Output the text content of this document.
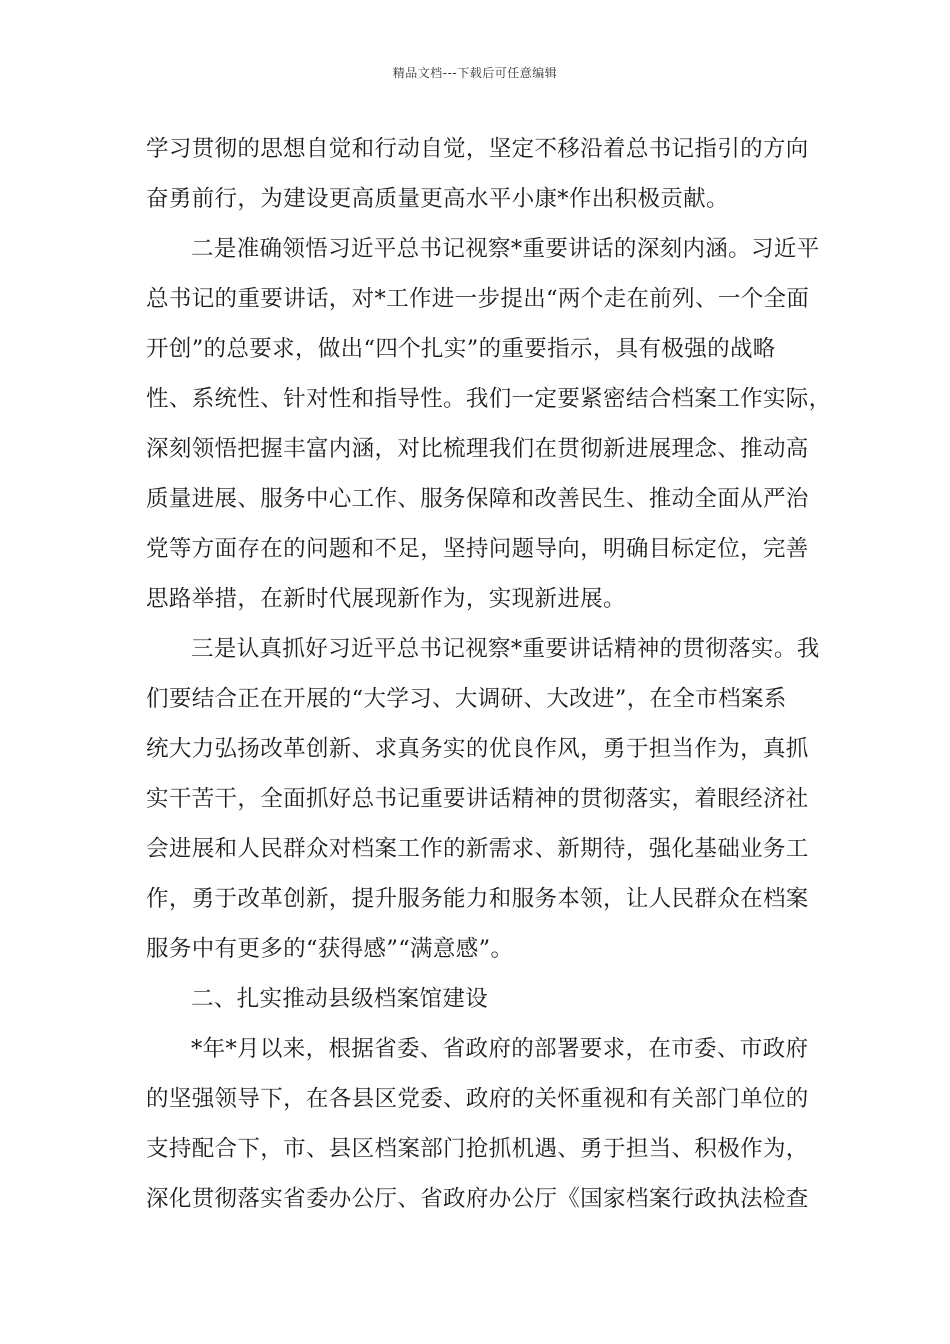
精品文档---下载后可任意编辑
学习贯彻的思想自觉和行动自觉，坚定不移沿着总书记指引的方向
奋勇前行，为建设更高质量更高水平小康*作出积极贡献。
二是准确领悟习近平总书记视察*重要讲话的深刻内涵。习近平
总书记的重要讲话，对*工作进一步提出“两个走在前列、一个全面
开创”的总要求，做出“四个扎实”的重要指示，具有极强的战略
性、系统性、针对性和指导性。我们一定要紧密结合档案工作实际，
深刻领悟把握丰富内涵，对比梳理我们在贯彻新进展理念、推动高
质量进展、服务中心工作、服务保障和改善民生、推动全面从严治
党等方面存在的问题和不足，坚持问题导向，明确目标定位，完善
思路举措，在新时代展现新作为，实现新进展。
三是认真抓好习近平总书记视察*重要讲话精神的贯彻落实。我
们要结合正在开展的“大学习、大调研、大改进”，在全市档案系
统大力弘扬改革创新、求真务实的优良作风，勇于担当作为，真抓
实干苦干，全面抓好总书记重要讲话精神的贯彻落实，着眼经济社
会进展和人民群众对档案工作的新需求、新期待，强化基础业务工
作，勇于改革创新，提升服务能力和服务本领，让人民群众在档案
服务中有更多的“获得感”“满意感”。
二、扎实推动县级档案馆建设
*年*月以来，根据省委、省政府的部署要求，在市委、市政府
的坚强领导下，在各县区党委、政府的关怀重视和有关部门单位的
支持配合下，市、县区档案部门抢抓机遇、勇于担当、积极作为，
深化贯彻落实省委办公厅、省政府办公厅《国家档案行政执法检查
